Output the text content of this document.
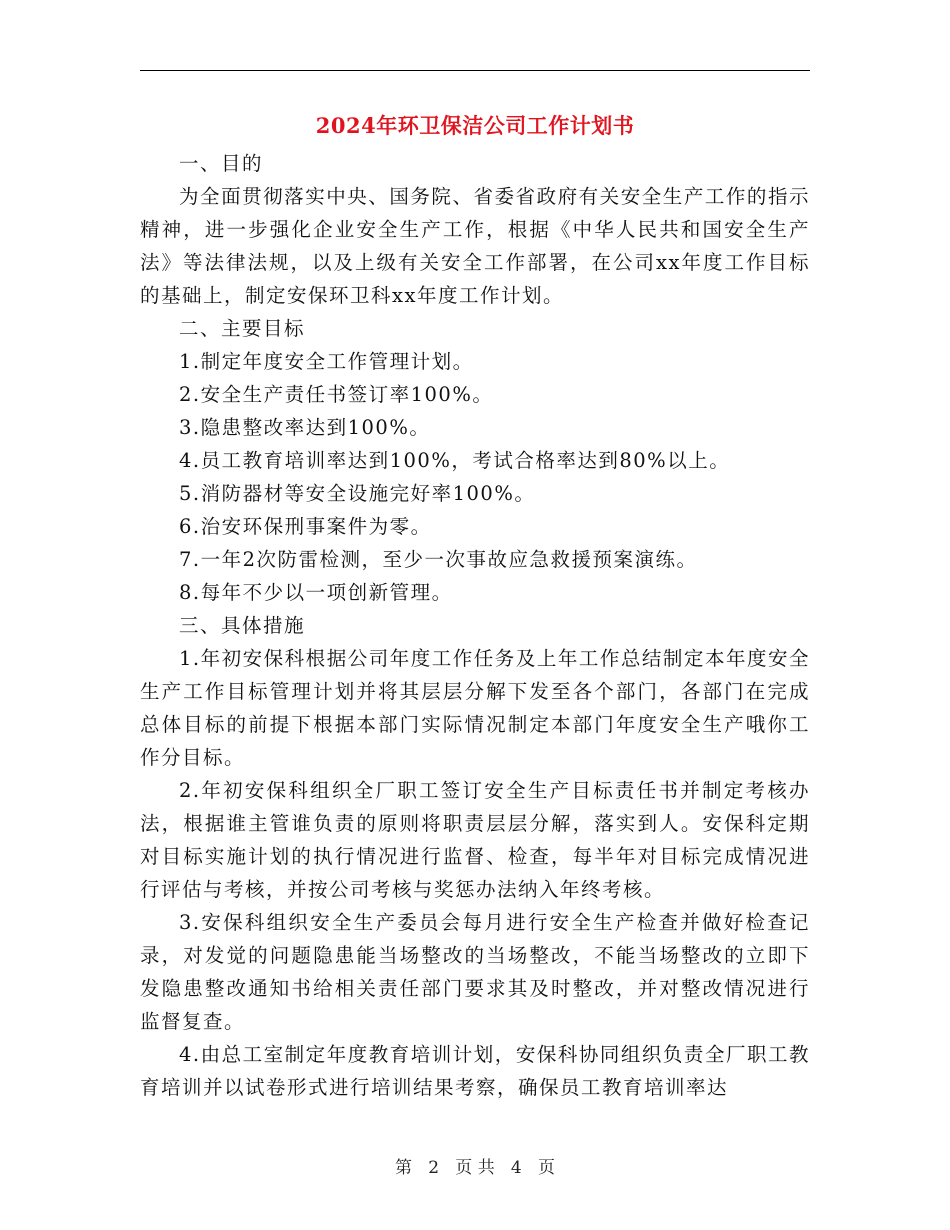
2024年环卫保洁公司工作计划书

一、目的

为全面贯彻落实中央、国务院、省委省政府有关安全生产工作的指示精神，进一步强化企业安全生产工作，根据《中华人民共和国安全生产法》等法律法规，以及上级有关安全工作部署，在公司xx年度工作目标的基础上，制定安保环卫科xx年度工作计划。

二、主要目标

1.制定年度安全工作管理计划。

2.安全生产责任书签订率100%。

3.隐患整改率达到100%。

4.员工教育培训率达到100%，考试合格率达到80%以上。

5.消防器材等安全设施完好率100%。

6.治安环保刑事案件为零。

7.一年2次防雷检测，至少一次事故应急救援预案演练。

8.每年不少以一项创新管理。

三、具体措施

1.年初安保科根据公司年度工作任务及上年工作总结制定本年度安全生产工作目标管理计划并将其层层分解下发至各个部门，各部门在完成总体目标的前提下根据本部门实际情况制定本部门年度安全生产哦你工作分目标。

2.年初安保科组织全厂职工签订安全生产目标责任书并制定考核办法，根据谁主管谁负责的原则将职责层层分解，落实到人。安保科定期对目标实施计划的执行情况进行监督、检查，每半年对目标完成情况进行评估与考核，并按公司考核与奖惩办法纳入年终考核。

3.安保科组织安全生产委员会每月进行安全生产检查并做好检查记录，对发觉的问题隐患能当场整改的当场整改，不能当场整改的立即下发隐患整改通知书给相关责任部门要求其及时整改，并对整改情况进行监督复查。

4.由总工室制定年度教育培训计划，安保科协同组织负责全厂职工教育培训并以试卷形式进行培训结果考察，确保员工教育培训率达

第 2 页 共 4 页
